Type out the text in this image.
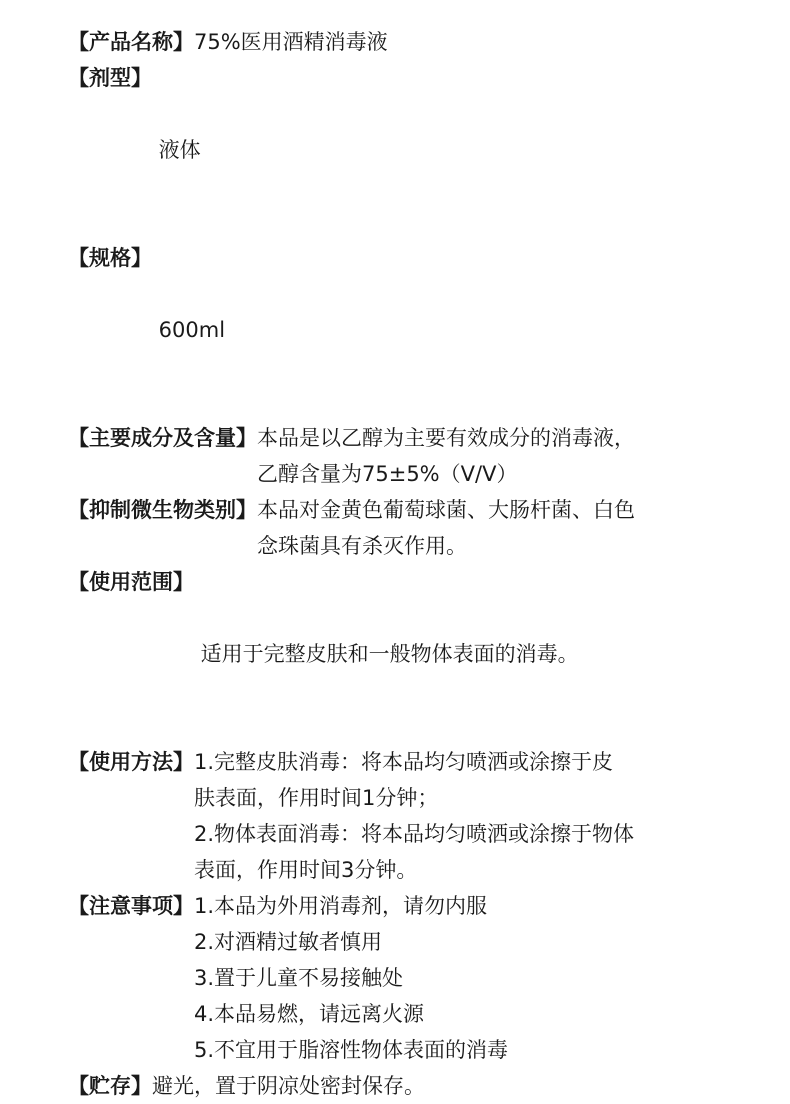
【产品名称】 75%医用酒精消毒液
【剂型】

液体

【规格】

600ml

【主要成分及含量】 本品是以乙醇为主要有效成分的消毒液，
乙醇含量为75±5%（V/V）
【抑制微生物类别】 本品对金黄色葡萄球菌、大肠杆菌、白色
念珠菌具有杀灭作用。
【使用范围】

适用于完整皮肤和一般物体表面的消毒。

【使用方法】 1.完整皮肤消毒：将本品均匀喷洒或涂擦于皮
肤表面，作用时间1分钟；
2.物体表面消毒：将本品均匀喷洒或涂擦于物体
表面，作用时间3分钟。
【注意事项】 1.本品为外用消毒剂，请勿内服
2.对酒精过敏者慎用
3.置于儿童不易接触处
4.本品易燃，请远离火源
5.不宜用于脂溶性物体表面的消毒
【贮存】 避光，置于阴凉处密封保存。
